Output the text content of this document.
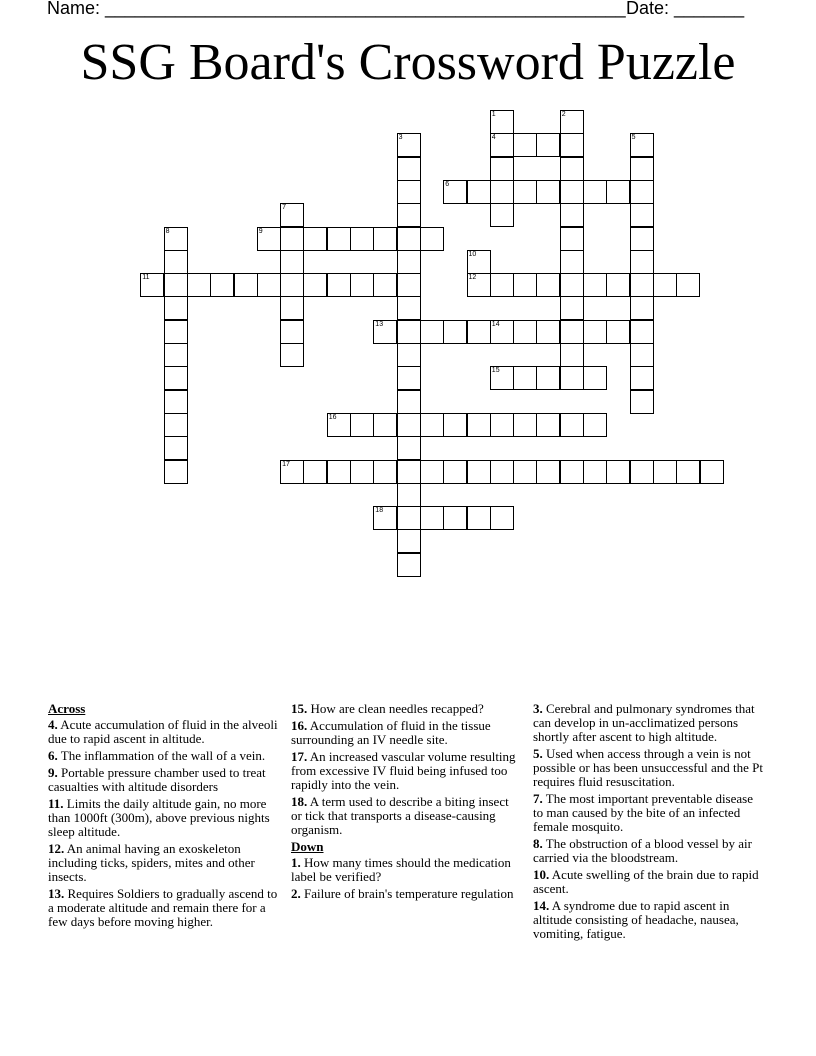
Name: ____________________________________________________ Date: _______
SSG Board's Crossword Puzzle
1
4
2
3	5
6
7
8	9
10
12
11
13	14
15
16
17
18
Across
4. Acute accumulation of fluid in the alveoli due to rapid ascent in altitude.
6. The inflammation of the wall of a vein.
9. Portable pressure chamber used to treat casualties with altitude disorders
11. Limits the daily altitude gain, no more than 1000ft (300m), above previous nights sleep altitude.
12. An animal having an exoskeleton including ticks, spiders, mites and other insects.
13. Requires Soldiers to gradually ascend to a moderate altitude and remain there for a few days before moving higher.
15. How are clean needles recapped?
16. Accumulation of fluid in the tissue surrounding an IV needle site.
17. An increased vascular volume resulting from excessive IV fluid being infused too rapidly into the vein.
18. A term used to describe a biting insect or tick that transports a disease-causing organism.
Down
1. How many times should the medication label be verified?
2. Failure of brain's temperature regulation
3. Cerebral and pulmonary syndromes that can develop in un-acclimatized persons shortly after ascent to high altitude.
5. Used when access through a vein is not possible or has been unsuccessful and the Pt requires fluid resuscitation.
7. The most important preventable disease to man caused by the bite of an infected female mosquito.
8. The obstruction of a blood vessel by air carried via the bloodstream.
10. Acute swelling of the brain due to rapid ascent.
14. A syndrome due to rapid ascent in altitude consisting of headache, nausea, vomiting, fatigue.
